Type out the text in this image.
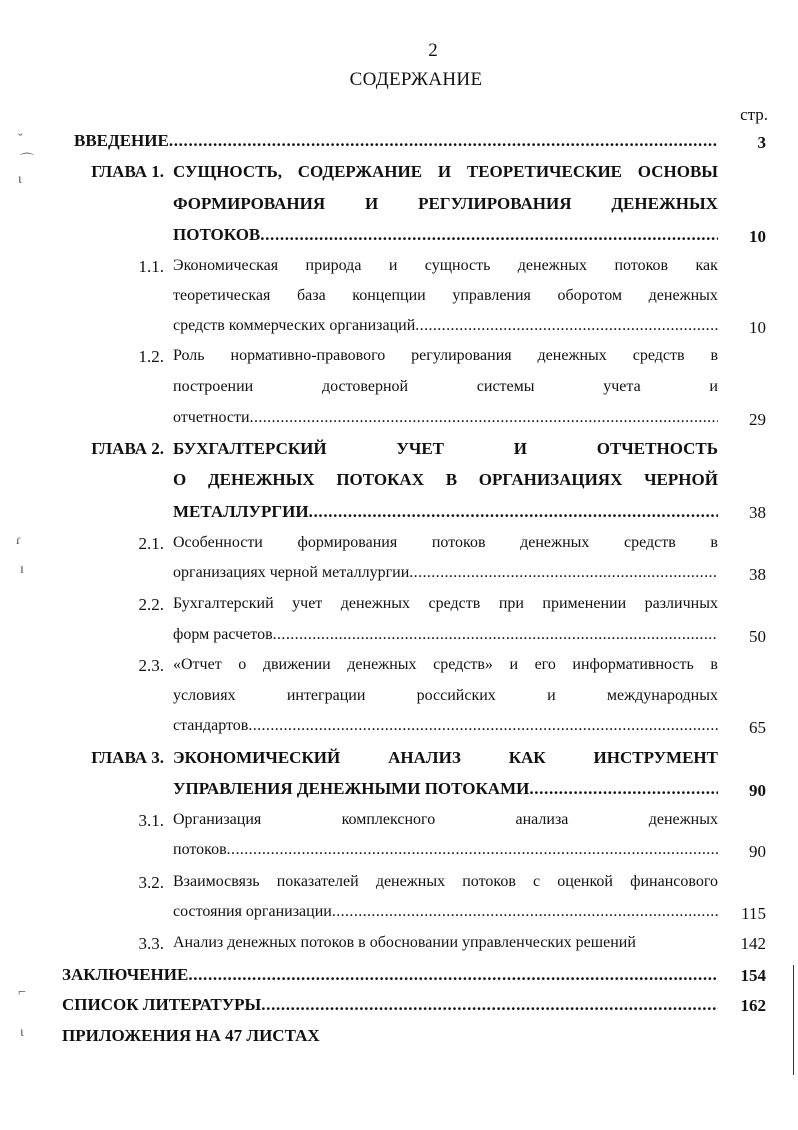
2
СОДЕРЖАНИЕ
стр.
ВВЕДЕНИЕ . . .	3
ГЛАВА 1. СУЩНОСТЬ, СОДЕРЖАНИЕ И ТЕОРЕТИЧЕСКИЕ ОСНОВЫ
ФОРМИРОВАНИЯ И РЕГУЛИРОВАНИЯ ДЕНЕЖНЫХ
ПОТОКОВ . . .	10
1.1. Экономическая природа и сущность денежных потоков как
теоретическая база концепции управления оборотом денежных
средств коммерческих организаций . . .	10
1.2. Роль нормативно-правового регулирования денежных средств в
построении	достоверной	системы	учета	и
отчетности . . .	29
ГЛАВА 2. БУХГАЛТЕРСКИЙ	УЧЕТ	И	ОТЧЕТНОСТЬ
О ДЕНЕЖНЫХ ПОТОКАХ В ОРГАНИЗАЦИЯХ ЧЕРНОЙ
МЕТАЛЛУРГИИ . . .	38
2.1. Особенности формирования потоков денежных средств в
организациях черной металлургии . . .	38
2.2. Бухгалтерский учет денежных средств при применении различных
форм расчетов . . .	50
2.3. «Отчет о движении денежных средств» и его информативность в
условиях	интеграции	российских	и	международных
стандартов . . .	65
ГЛАВА 3. ЭКОНОМИЧЕСКИЙ	АНАЛИЗ	КАК	ИНСТРУМЕНТ
УПРАВЛЕНИЯ ДЕНЕЖНЫМИ ПОТОКАМИ . . .	90
3.1. Организация	комплексного	анализа	денежных
потоков . . .	90
3.2. Взаимосвязь показателей денежных потоков с оценкой финансового
состояния организации . . .	115
3.3. Анализ денежных потоков в обосновании управленческих решений	142
ЗАКЛЮЧЕНИЕ . . .	154
СПИСОК ЛИТЕРАТУРЫ . . .	162
ПРИЛОЖЕНИЯ НА 47 ЛИСТАХ
ˇ
⌒
ι
ɾ
ɪ
⌐
ι
